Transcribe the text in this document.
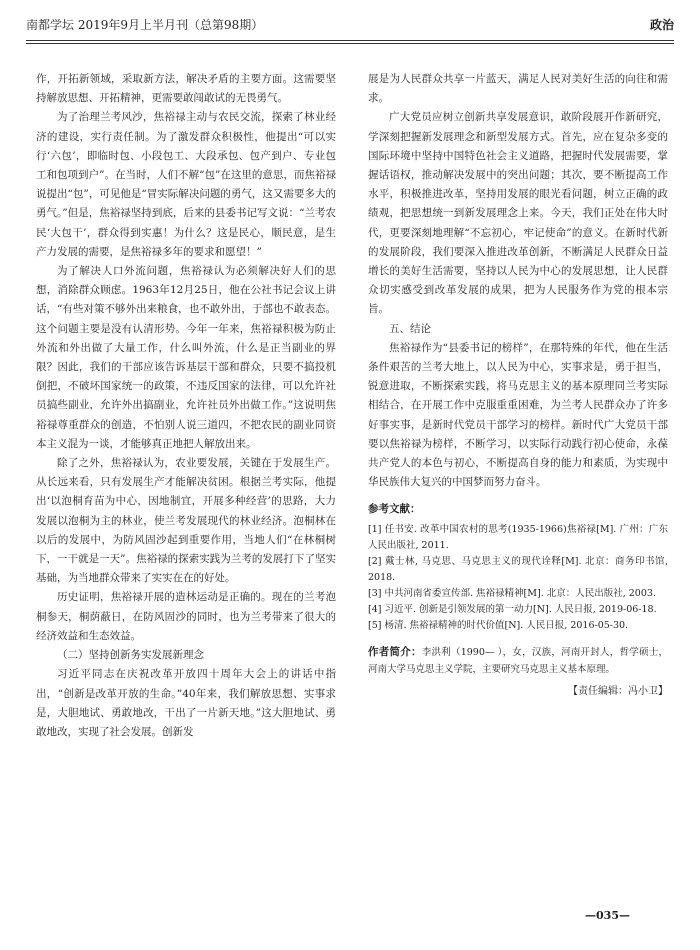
南都学坛 2019年9月上半月刊（总第98期）	政治

作，开拓新领域，采取新方法，解决矛盾的主要方面。这需要坚持解放思想、开拓精神，更需要敢闯敢试的无畏勇气。

为了治理兰考风沙，焦裕禄主动与农民交流，探索了林业经济的建设，实行责任制。为了激发群众积极性，他提出“可以实行‘六包’，即临时包、小段包工、大段承包、包产到户、专业包工和包项到户”。在当时，人们不解“包”在这里的意思，而焦裕禄说提出“包”，可见他是“冒实际解决问题的勇气，这又需要多大的勇气。”但是，焦裕禄坚持到底，后来的县委书记写文说：“兰考农民‘大包干’，群众得到实惠！为什么？这是民心，顺民意，是生产力发展的需要，是焦裕禄多年的要求和愿望！”

为了解决人口外流问题，焦裕禄认为必须解决好人们的思想，消除群众顾虑。1963年12月25日，他在公社书记会议上讲话，“有些对策不够外出来粮食，也不敢外出，于部也不敢表态。这个问题主要是没有认清形势。今年一年来，焦裕禄积极为防止外流和外出做了大量工作，什么叫外流，什么是正当副业的界限？因此，我们的干部应该告诉基层干部和群众，只要不搞投机倒把，不破坏国家统一的政策，不违反国家的法律，可以允许社员搞些副业，允许外出搞副业，允许社员外出做工作。”这说明焦裕禄尊重群众的创造，不怕别人说三道四，不把农民的副业同资本主义混为一谈，才能够真正地把人解放出来。

除了之外，焦裕禄认为，农业要发展，关键在于发展生产。从长远来看，只有发展生产才能解决贫困。根据兰考实际，他提出‘以泡桐育苗为中心，因地制宜，开展多种经营’的思路，大力发展以泡桐为主的林业，使兰考发展现代的林业经济。泡桐林在以后的发展中，为防风固沙起到重要作用，当地人们“在林桐树下，一干就是一天”。焦裕禄的探索实践为兰考的发展打下了坚实基础，为当地群众带来了实实在在的好处。

历史证明，焦裕禄开展的造林运动是正确的。现在的兰考泡桐参天，桐荫蔽日，在防风固沙的同时，也为兰考带来了很大的经济效益和生态效益。

（二）坚持创新务实发展新理念

习近平同志在庆祝改革开放四十周年大会上的讲话中指出，“创新是改革开放的生命。”40年来，我们解放思想、实事求是，大胆地试、勇敢地改，干出了一片新天地。”这大胆地试、勇敢地改，实现了社会发展。创新发

展是为人民群众共享一片蓝天，满足人民对美好生活的向往和需求。

广大党员应树立创新共享发展意识，敢阶段展开作新研究，学深刻把握新发展理念和新型发展方式。首先，应在复杂多变的国际环境中坚持中国特色社会主义道路，把握时代发展需要，掌握话语权，推动解决发展中的突出问题；其次，要不断提高工作水平，积极推进改革，坚持用发展的眼光看问题，树立正确的政绩观，把思想统一到新发展理念上来。今天，我们正处在伟大时代，更要深刻地理解“不忘初心，牢记使命”的意义。在新时代新的发展阶段，我们要深入推进改革创新，不断满足人民群众日益增长的美好生活需要，坚持以人民为中心的发展思想，让人民群众切实感受到改革发展的成果，把为人民服务作为党的根本宗旨。

五、结论

焦裕禄作为“县委书记的榜样”，在那特殊的年代，他在生活条件艰苦的兰考大地上，以人民为中心，实事求是，勇于担当，锐意进取，不断探索实践，将马克思主义的基本原理同兰考实际相结合，在开展工作中克服重重困难，为兰考人民群众办了许多好事实事，是新时代党员干部学习的榜样。新时代广大党员干部要以焦裕禄为榜样，不断学习，以实际行动践行初心使命，永葆共产党人的本色与初心，不断提高自身的能力和素质，为实现中华民族伟大复兴的中国梦而努力奋斗。

参考文献：
[1] 任书安. 改革中国农村的思考(1935-1966)焦裕禄[M]. 广州：广东人民出版社, 2011.
[2] 戴士林, 马克思、马克思主义的现代诠释[M]. 北京：商务印书馆, 2018.
[3] 中共河南省委宣传部. 焦裕禄精神[M]. 北京：人民出版社, 2003.
[4] 习近平. 创新是引领发展的第一动力[N]. 人民日报, 2019-06-18.
[5] 杨清. 焦裕禄精神的时代价值[N]. 人民日报, 2016-05-30.
作者简介：李洪利（1990— ），女，汉族，河南开封人，哲学硕士，河南大学马克思主义学院，主要研究马克思主义基本原理。
【责任编辑：冯小卫】
—035—
